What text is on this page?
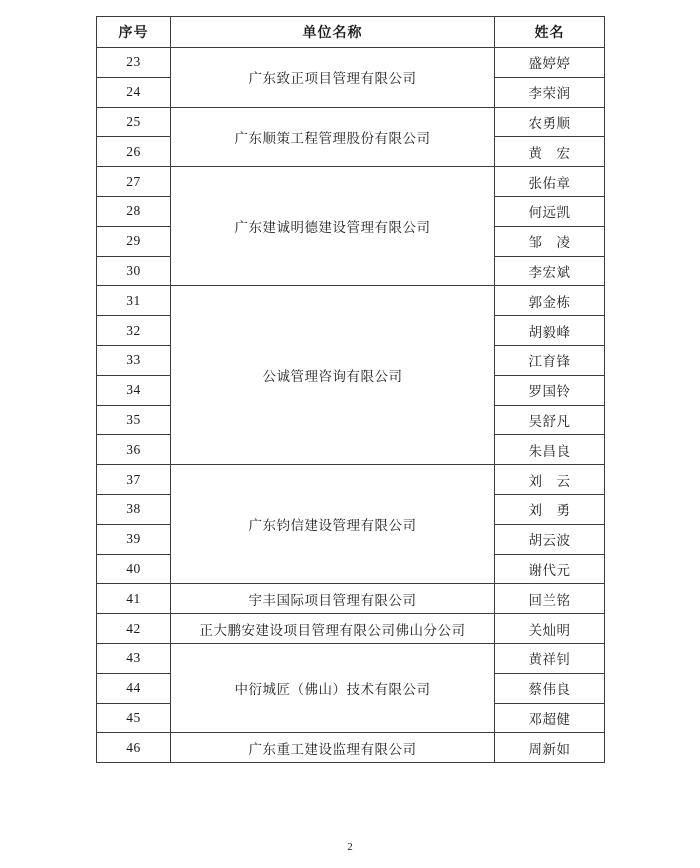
序号	单位名称	姓名
23	广东致正项目管理有限公司	盛婷婷
24		李荣润
25	广东顺策工程管理股份有限公司	农勇顺
26		黄　宏
27	广东建诚明德建设管理有限公司	张佑章
28		何远凯
29		邹　凌
30		李宏斌
31	公诚管理咨询有限公司	郭金栋
32		胡毅峰
33		江育锋
34		罗国铃
35		吴舒凡
36		朱昌良
37	广东钧信建设管理有限公司	刘　云
38		刘　勇
39		胡云波
40		谢代元
41	宇丰国际项目管理有限公司	回兰铭
42	正大鹏安建设项目管理有限公司佛山分公司	关灿明
43	中衍城匠（佛山）技术有限公司	黄祥钊
44		蔡伟良
45		邓超健
46	广东重工建设监理有限公司	周新如
2
